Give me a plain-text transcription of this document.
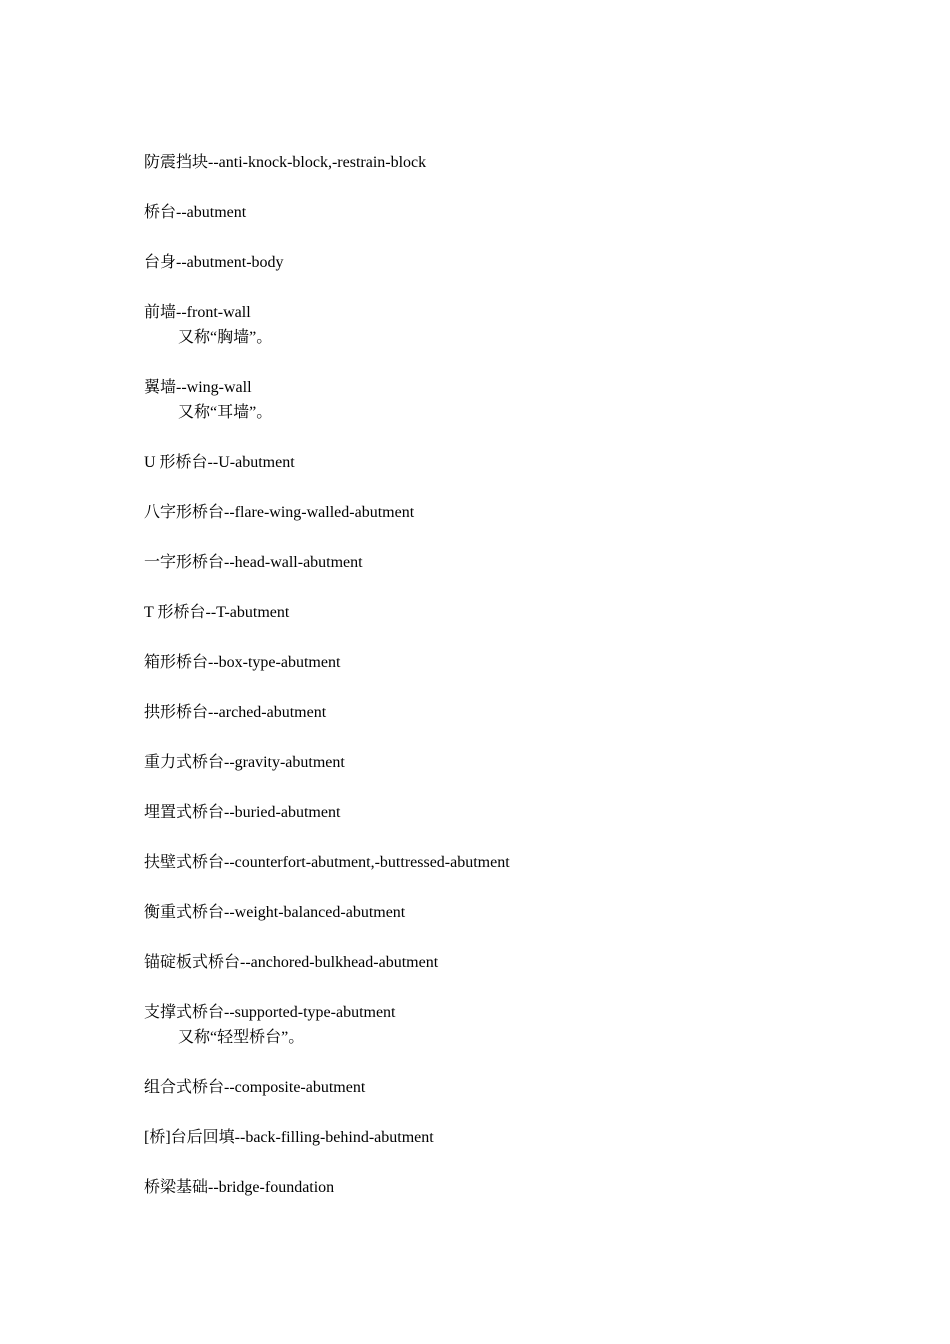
防震挡块--anti-knock-block,-restrain-block
桥台--abutment
台身--abutment-body
前墙--front-wall
又称“胸墙”。
翼墙--wing-wall
又称“耳墙”。
U 形桥台--U-abutment
八字形桥台--flare-wing-walled-abutment
一字形桥台--head-wall-abutment
T 形桥台--T-abutment
箱形桥台--box-type-abutment
拱形桥台--arched-abutment
重力式桥台--gravity-abutment
埋置式桥台--buried-abutment
扶壁式桥台--counterfort-abutment,-buttressed-abutment
衡重式桥台--weight-balanced-abutment
锚碇板式桥台--anchored-bulkhead-abutment
支撑式桥台--supported-type-abutment
又称“轻型桥台”。
组合式桥台--composite-abutment
[桥]台后回填--back-filling-behind-abutment
桥梁基础--bridge-foundation
